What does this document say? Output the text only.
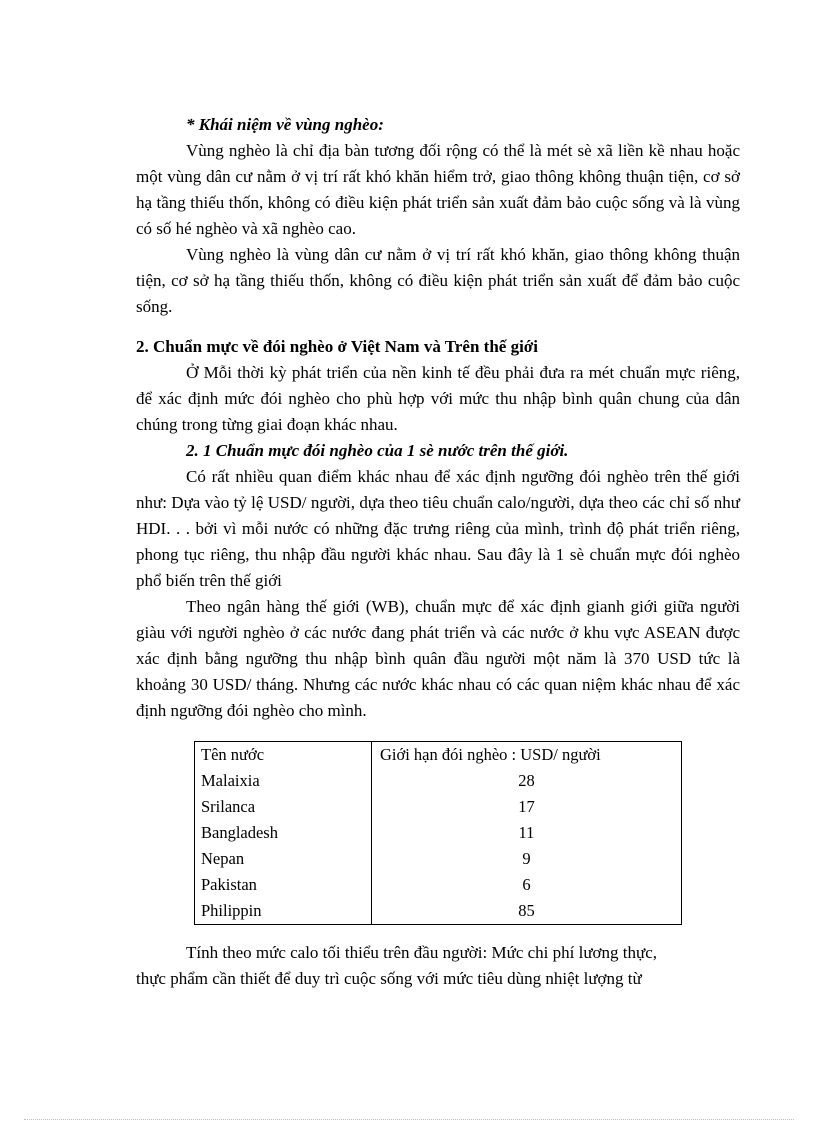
* Khái niệm về vùng nghèo:

Vùng nghèo là chỉ địa bàn tương đối rộng có thể là mét sè xã liền kề nhau hoặc một vùng dân cư nằm ở vị trí rất khó khăn hiểm trở, giao thông không thuận tiện, cơ sở hạ tầng thiếu thốn, không có điều kiện phát triển sản xuất đảm bảo cuộc sống và là vùng có số hé nghèo và xã nghèo cao.

Vùng nghèo là vùng dân cư nằm ở vị trí rất khó khăn, giao thông không thuận tiện, cơ sở hạ tầng thiếu thốn, không có điều kiện phát triển sản xuất để đảm bảo cuộc sống.

2. Chuẩn mực về đói nghèo ở Việt Nam và Trên thế giới

Ở Mỗi thời kỳ phát triển của nền kinh tế đều phải đưa ra mét chuẩn mực riêng, để xác định mức đói nghèo cho phù hợp với mức thu nhập bình quân chung của dân chúng trong từng giai đoạn khác nhau.

2. 1 Chuẩn mực đói nghèo của 1 sè nước trên thế giới.

Có rất nhiều quan điểm khác nhau để xác định ngưỡng đói nghèo trên thế giới như: Dựa vào tỷ lệ USD/ người, dựa theo tiêu chuẩn calo/người, dựa theo các chỉ số như HDI. . . bởi vì mỗi nước có những đặc trưng riêng của mình, trình độ phát triển riêng, phong tục riêng, thu nhập đầu người khác nhau. Sau đây là 1 sè chuẩn mực đói nghèo phổ biến trên thế giới

Theo ngân hàng thế giới (WB), chuẩn mực để xác định gianh giới giữa người giàu với người nghèo ở các nước đang phát triển và các nước ở khu vực ASEAN được xác định bằng ngưỡng thu nhập bình quân đầu người một năm là 370 USD tức là khoảng 30 USD/ tháng. Nhưng các nước khác nhau có các quan niệm khác nhau để xác định ngưỡng đói nghèo cho mình.

Tên nước	Giới hạn đói nghèo : USD/ người
Malaixia	28
Srilanca	17
Bangladesh	11
Nepan	9
Pakistan	6
Philippin	85

Tính theo mức calo tối thiểu trên đầu người: Mức chi phí lương thực,

thực phẩm cần thiết để duy trì cuộc sống với mức tiêu dùng nhiệt lượng từ
